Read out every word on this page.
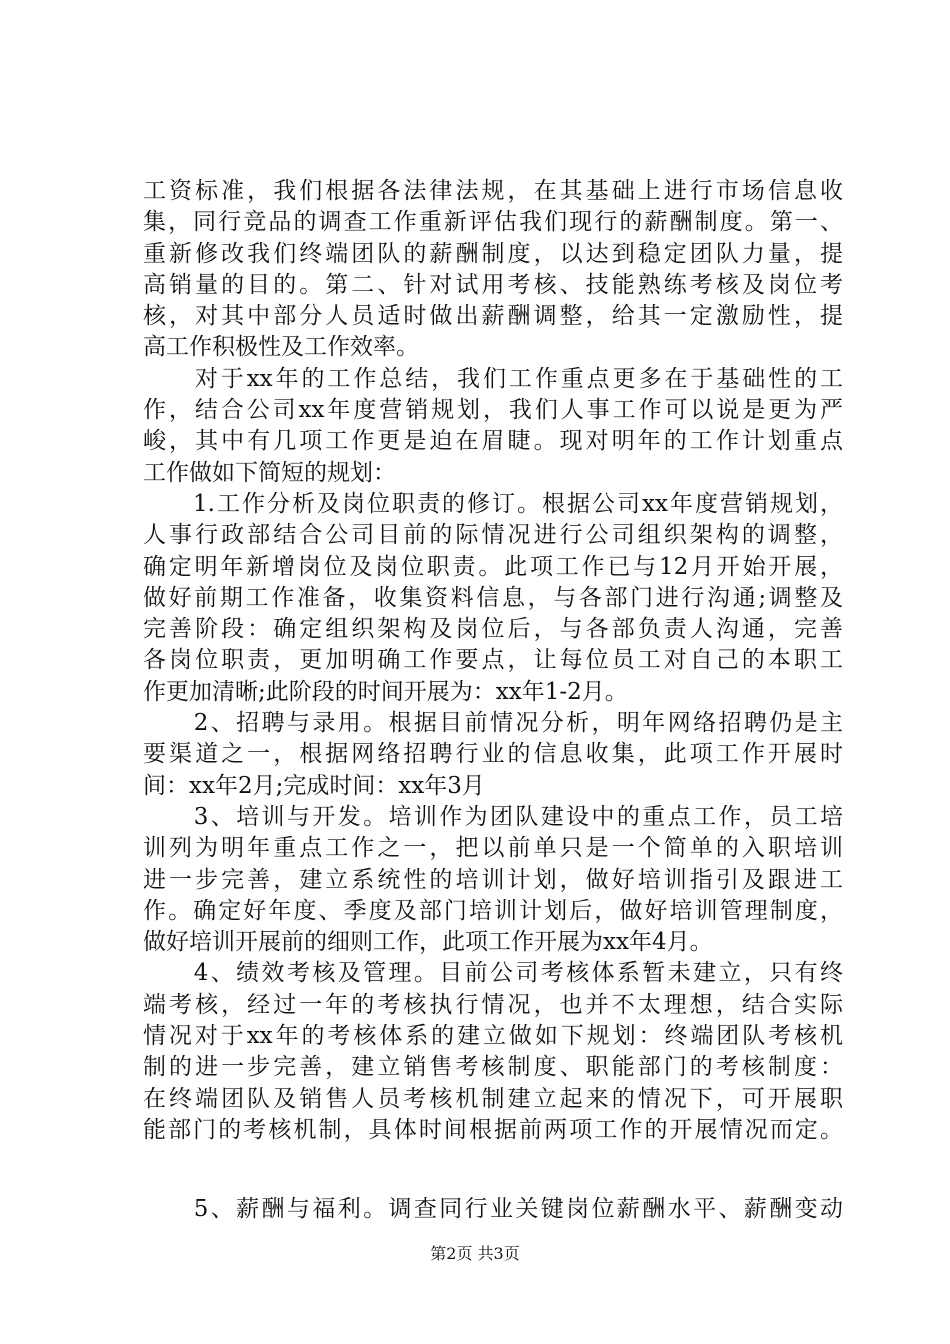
工资标准，我们根据各法律法规，在其基础上进行市场信息收
集，同行竞品的调查工作重新评估我们现行的薪酬制度。第一、
重新修改我们终端团队的薪酬制度，以达到稳定团队力量，提
高销量的目的。第二、针对试用考核、技能熟练考核及岗位考
核，对其中部分人员适时做出薪酬调整，给其一定激励性，提
高工作积极性及工作效率。
　　对于xx年的工作总结，我们工作重点更多在于基础性的工
作，结合公司xx年度营销规划，我们人事工作可以说是更为严
峻，其中有几项工作更是迫在眉睫。现对明年的工作计划重点
工作做如下简短的规划：
　　1.工作分析及岗位职责的修订。根据公司xx年度营销规划，
人事行政部结合公司目前的际情况进行公司组织架构的调整，
确定明年新增岗位及岗位职责。此项工作已与12月开始开展，
做好前期工作准备，收集资料信息，与各部门进行沟通;调整及
完善阶段：确定组织架构及岗位后，与各部负责人沟通，完善
各岗位职责，更加明确工作要点，让每位员工对自己的本职工
作更加清晰;此阶段的时间开展为：xx年1-2月。
　　2、招聘与录用。根据目前情况分析，明年网络招聘仍是主
要渠道之一，根据网络招聘行业的信息收集，此项工作开展时
间：xx年2月;完成时间：xx年3月
　　3、培训与开发。培训作为团队建设中的重点工作，员工培
训列为明年重点工作之一，把以前单只是一个简单的入职培训
进一步完善，建立系统性的培训计划，做好培训指引及跟进工
作。确定好年度、季度及部门培训计划后，做好培训管理制度，
做好培训开展前的细则工作，此项工作开展为xx年4月。
　　4、绩效考核及管理。目前公司考核体系暂未建立，只有终
端考核，经过一年的考核执行情况，也并不太理想，结合实际
情况对于xx年的考核体系的建立做如下规划：终端团队考核机
制的进一步完善，建立销售考核制度、职能部门的考核制度：
在终端团队及销售人员考核机制建立起来的情况下，可开展职
能部门的考核机制，具体时间根据前两项工作的开展情况而定。
　　5、薪酬与福利。调查同行业关键岗位薪酬水平、薪酬变动
第2页 共3页
